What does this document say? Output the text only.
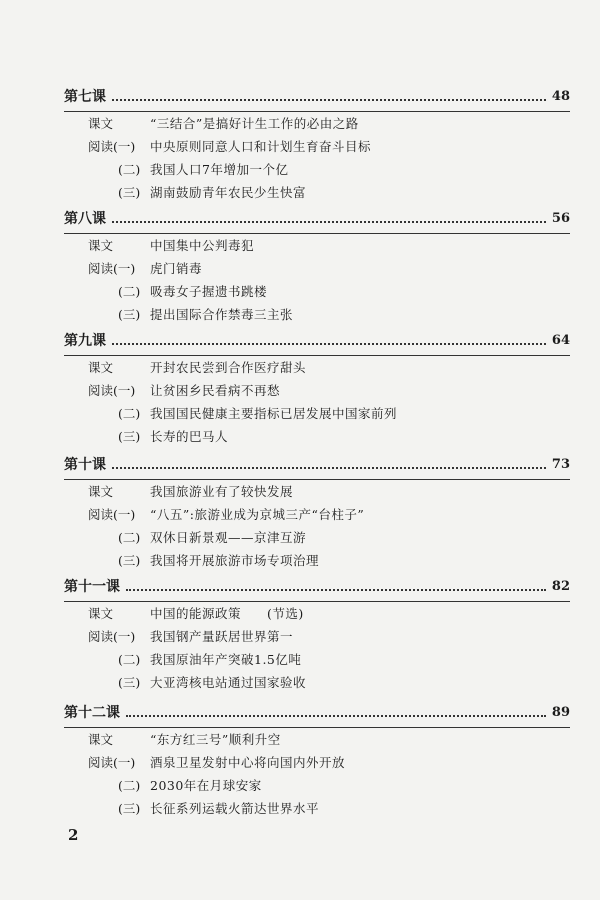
第七课	48
课文	“三结合”是搞好计生工作的必由之路
阅读(一) 中央原则同意人口和计划生育奋斗目标
(二) 我国人口7年增加一个亿
(三) 湖南鼓励青年农民少生快富
第八课	56
课文	中国集中公判毒犯
阅读(一) 虎门销毒
(二) 吸毒女子握遗书跳楼
(三) 提出国际合作禁毒三主张
第九课	64
课文	开封农民尝到合作医疗甜头
阅读(一) 让贫困乡民看病不再愁
(二) 我国国民健康主要指标已居发展中国家前列
(三) 长寿的巴马人
第十课	73
课文	我国旅游业有了较快发展
阅读(一) “八五”:旅游业成为京城三产“台柱子”
(二) 双休日新景观——京津互游
(三) 我国将开展旅游市场专项治理
第十一课	82
课文	中国的能源政策　　(节选)
阅读(一) 我国钢产量跃居世界第一
(二) 我国原油年产突破1.5亿吨
(三) 大亚湾核电站通过国家验收
第十二课	89
课文	“东方红三号”顺利升空
阅读(一) 酒泉卫星发射中心将向国内外开放
(二) 2030年在月球安家
(三) 长征系列运载火箭达世界水平
2
